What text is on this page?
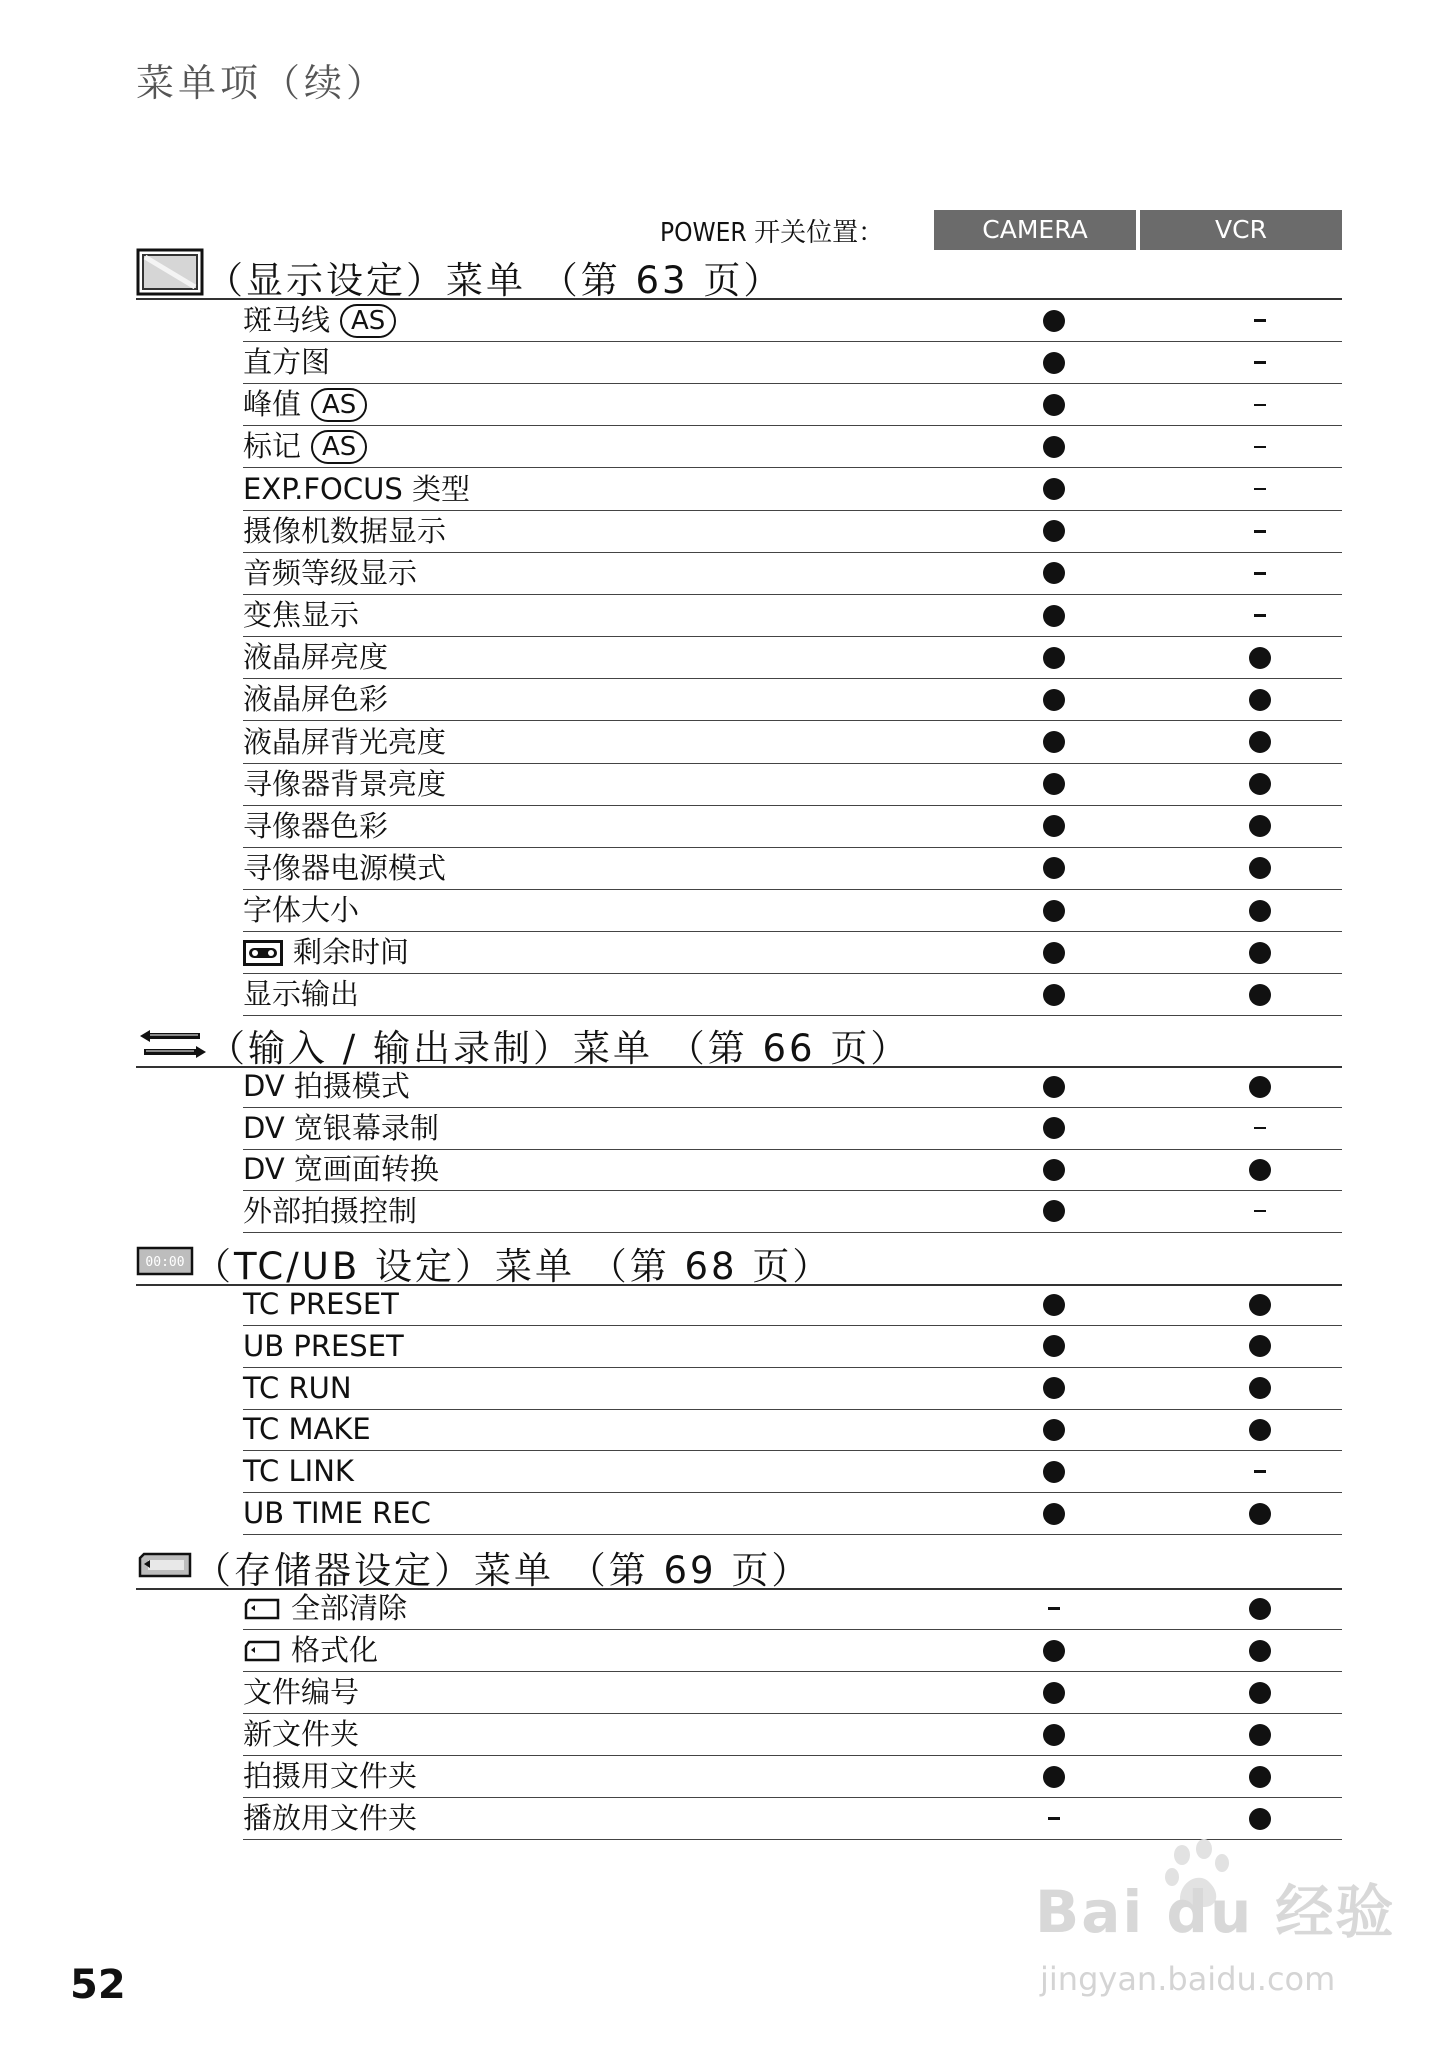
菜单项（续）
POWER 开关位置：	CAMERA	VCR
（显示设定）菜单 （第 63 页）
斑马线 AS
直方图
峰值 AS
标记 AS
EXP.FOCUS 类型
摄像机数据显示
音频等级显示
变焦显示
液晶屏亮度
液晶屏色彩
液晶屏背光亮度
寻像器背景亮度
寻像器色彩
寻像器电源模式
字体大小
剩余时间
显示输出
（输入 / 输出录制）菜单 （第 66 页）
DV 拍摄模式
DV 宽银幕录制
DV 宽画面转换
外部拍摄控制
00:00 （TC/UB 设定）菜单 （第 68 页）
TC PRESET
UB PRESET
TC RUN
TC MAKE
TC LINK
UB TIME REC
（存储器设定）菜单 （第 69 页）
全部清除
格式化
文件编号
新文件夹
拍摄用文件夹
播放用文件夹
52
Bai du 经验
jingyan.baidu.com
